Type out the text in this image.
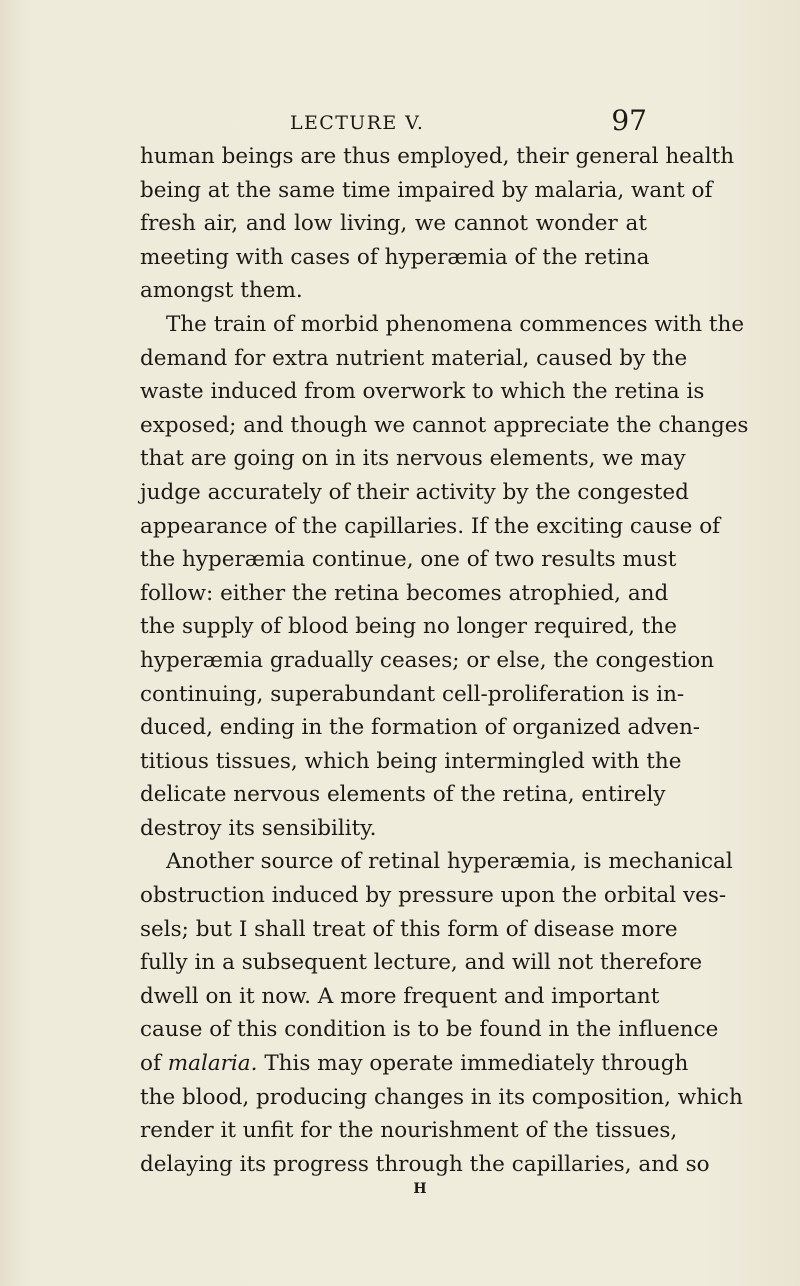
LECTURE V.	97
human beings are thus employed, their general health
being at the same time impaired by malaria, want of
fresh air, and low living, we cannot wonder at
meeting with cases of hyperæmia of the retina
amongst them.
The train of morbid phenomena commences with the
demand for extra nutrient material, caused by the
waste induced from overwork to which the retina is
exposed; and though we cannot appreciate the changes
that are going on in its nervous elements, we may
judge accurately of their activity by the congested
appearance of the capillaries. If the exciting cause of
the hyperæmia continue, one of two results must
follow: either the retina becomes atrophied, and
the supply of blood being no longer required, the
hyperæmia gradually ceases; or else, the congestion
continuing, superabundant cell-proliferation is in-
duced, ending in the formation of organized adven-
titious tissues, which being intermingled with the
delicate nervous elements of the retina, entirely
destroy its sensibility.
Another source of retinal hyperæmia, is mechanical
obstruction induced by pressure upon the orbital ves-
sels; but I shall treat of this form of disease more
fully in a subsequent lecture, and will not therefore
dwell on it now. A more frequent and important
cause of this condition is to be found in the influence
of malaria. This may operate immediately through
the blood, producing changes in its composition, which
render it unfit for the nourishment of the tissues,
delaying its progress through the capillaries, and so
H
